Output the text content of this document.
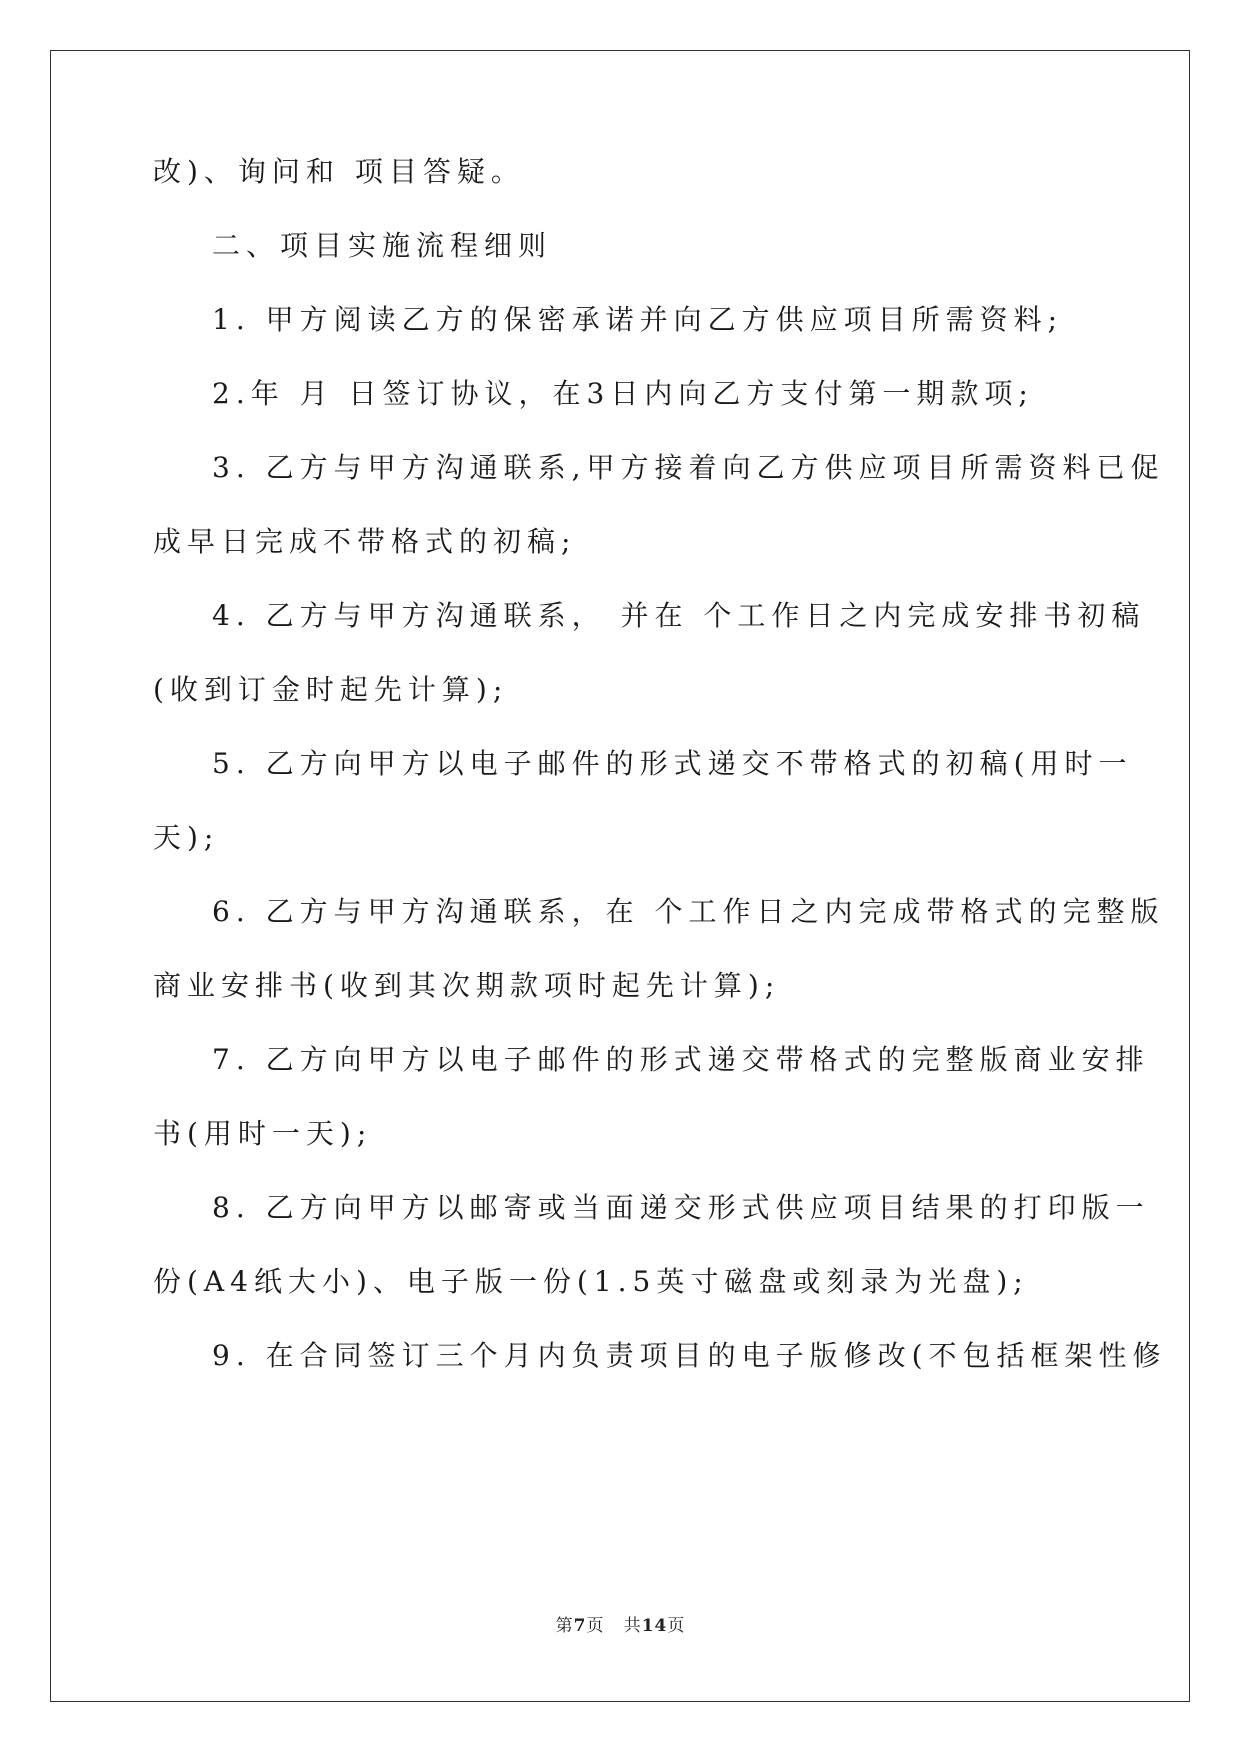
改)、询问和 项目答疑。
二、项目实施流程细则
1. 甲方阅读乙方的保密承诺并向乙方供应项目所需资料;
2.年 月 日签订协议，在3日内向乙方支付第一期款项;
3. 乙方与甲方沟通联系,甲方接着向乙方供应项目所需资料已促
成早日完成不带格式的初稿;
4. 乙方与甲方沟通联系， 并在 个工作日之内完成安排书初稿
(收到订金时起先计算);
5. 乙方向甲方以电子邮件的形式递交不带格式的初稿(用时一
天);
6. 乙方与甲方沟通联系，在 个工作日之内完成带格式的完整版
商业安排书(收到其次期款项时起先计算);
7. 乙方向甲方以电子邮件的形式递交带格式的完整版商业安排
书(用时一天);
8. 乙方向甲方以邮寄或当面递交形式供应项目结果的打印版一
份(A4纸大小)、电子版一份(1.5英寸磁盘或刻录为光盘);
9. 在合同签订三个月内负责项目的电子版修改(不包括框架性修
第7页 共14页
